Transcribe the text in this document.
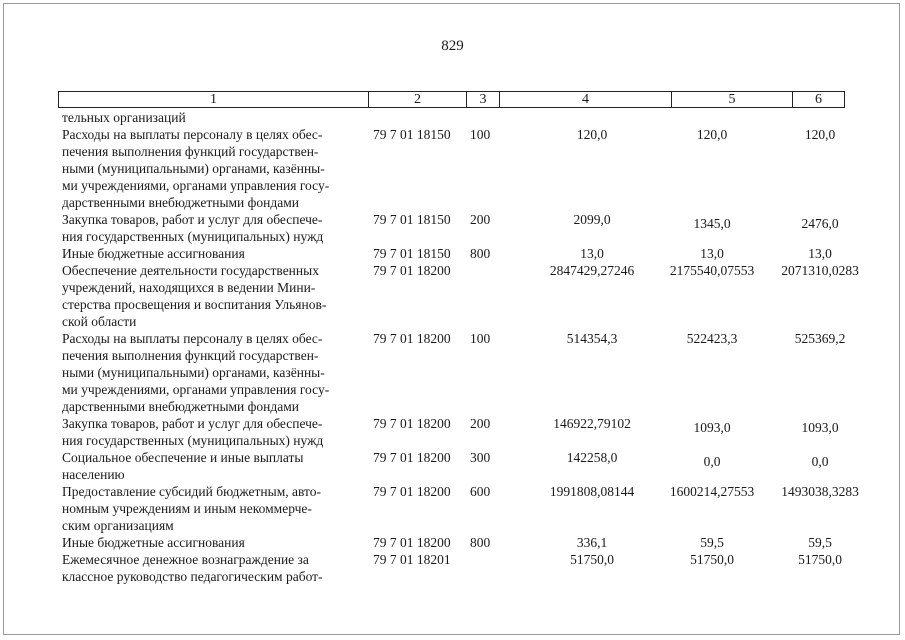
829
1	2	3	4	5	6
тельных организаций
Расходы на выплаты персоналу в целях обес-
печения выполнения функций государствен-
ными (муниципальными) органами, казённы-
ми учреждениями, органами управления госу-
дарственными внебюджетными фондами
79 7 01 18150 100	120,0	120,0	120,0
Закупка товаров, работ и услуг для обеспече-
ния государственных (муниципальных) нужд
79 7 01 18150 200	2099,0	1345,0	2476,0
Иные бюджетные ассигнования	79 7 01 18150 800	13,0	13,0	13,0
Обеспечение деятельности государственных
учреждений, находящихся в ведении Мини-
стерства просвещения и воспитания Ульянов-
ской области
79 7 01 18200	2847429,27246	2175540,07553	2071310,0283
Расходы на выплаты персоналу в целях обес-
печения выполнения функций государствен-
ными (муниципальными) органами, казённы-
ми учреждениями, органами управления госу-
дарственными внебюджетными фондами
79 7 01 18200 100	514354,3	522423,3	525369,2
Закупка товаров, работ и услуг для обеспече-
ния государственных (муниципальных) нужд
79 7 01 18200 200	146922,79102	1093,0	1093,0
Социальное обеспечение и иные выплаты
населению
79 7 01 18200 300	142258,0	0,0	0,0
Предоставление субсидий бюджетным, авто-
номным учреждениям и иным некоммерче-
ским организациям
79 7 01 18200 600	1991808,08144	1600214,27553	1493038,3283
Иные бюджетные ассигнования	79 7 01 18200 800	336,1	59,5	59,5
Ежемесячное денежное вознаграждение за
классное руководство педагогическим работ-
79 7 01 18201	51750,0	51750,0	51750,0
